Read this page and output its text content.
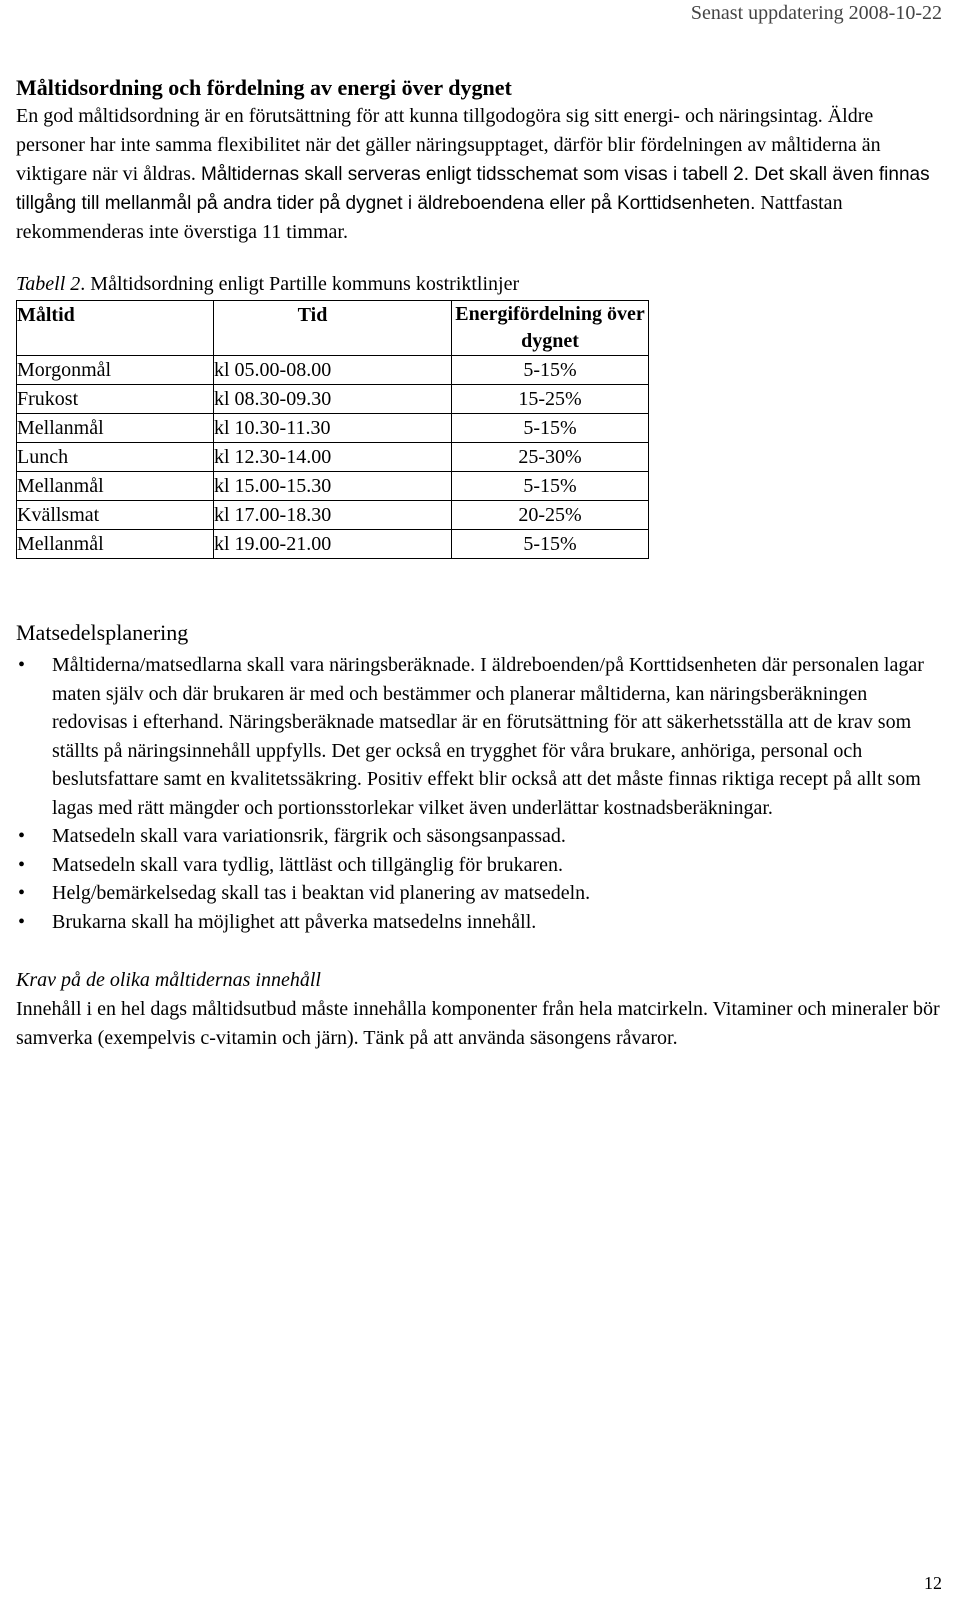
Senast uppdatering 2008-10-22
Måltidsordning och fördelning av energi över dygnet

En god måltidsordning är en förutsättning för att kunna tillgodogöra sig sitt energi- och näringsintag. Äldre personer har inte samma flexibilitet när det gäller näringsupptaget, därför blir fördelningen av måltiderna än viktigare när vi åldras. Måltidernas skall serveras enligt tidsschemat som visas i tabell 2. Det skall även finnas tillgång till mellanmål på andra tider på dygnet i äldreboendena eller på Korttidsenheten. Nattfastan rekommenderas inte överstiga 11 timmar.

Tabell 2. Måltidsordning enligt Partille kommuns kostriktlinjer

Måltid	Tid	Energifördelning över dygnet
Morgonmål	kl 05.00-08.00	5-15%
Frukost	kl 08.30-09.30	15-25%
Mellanmål	kl 10.30-11.30	5-15%
Lunch	kl 12.30-14.00	25-30%
Mellanmål	kl 15.00-15.30	5-15%
Kvällsmat	kl 17.00-18.30	20-25%
Mellanmål	kl 19.00-21.00	5-15%
Matsedelsplanering
• Måltiderna/matsedlarna skall vara näringsberäknade. I äldreboenden/på Korttidsenheten där personalen lagar maten själv och där brukaren är med och bestämmer och planerar måltiderna, kan näringsberäkningen redovisas i efterhand. Näringsberäknade matsedlar är en förutsättning för att säkerhetsställa att de krav som ställts på näringsinnehåll uppfylls. Det ger också en trygghet för våra brukare, anhöriga, personal och beslutsfattare samt en kvalitetssäkring. Positiv effekt blir också att det måste finnas riktiga recept på allt som lagas med rätt mängder och portionsstorlekar vilket även underlättar kostnadsberäkningar.
• Matsedeln skall vara variationsrik, färgrik och säsongsanpassad.
• Matsedeln skall vara tydlig, lättläst och tillgänglig för brukaren.
• Helg/bemärkelsedag skall tas i beaktan vid planering av matsedeln.
• Brukarna skall ha möjlighet att påverka matsedelns innehåll.

Krav på de olika måltidernas innehåll

Innehåll i en hel dags måltidsutbud måste innehålla komponenter från hela matcirkeln. Vitaminer och mineraler bör samverka (exempelvis c-vitamin och järn). Tänk på att använda säsongens råvaror.

12
